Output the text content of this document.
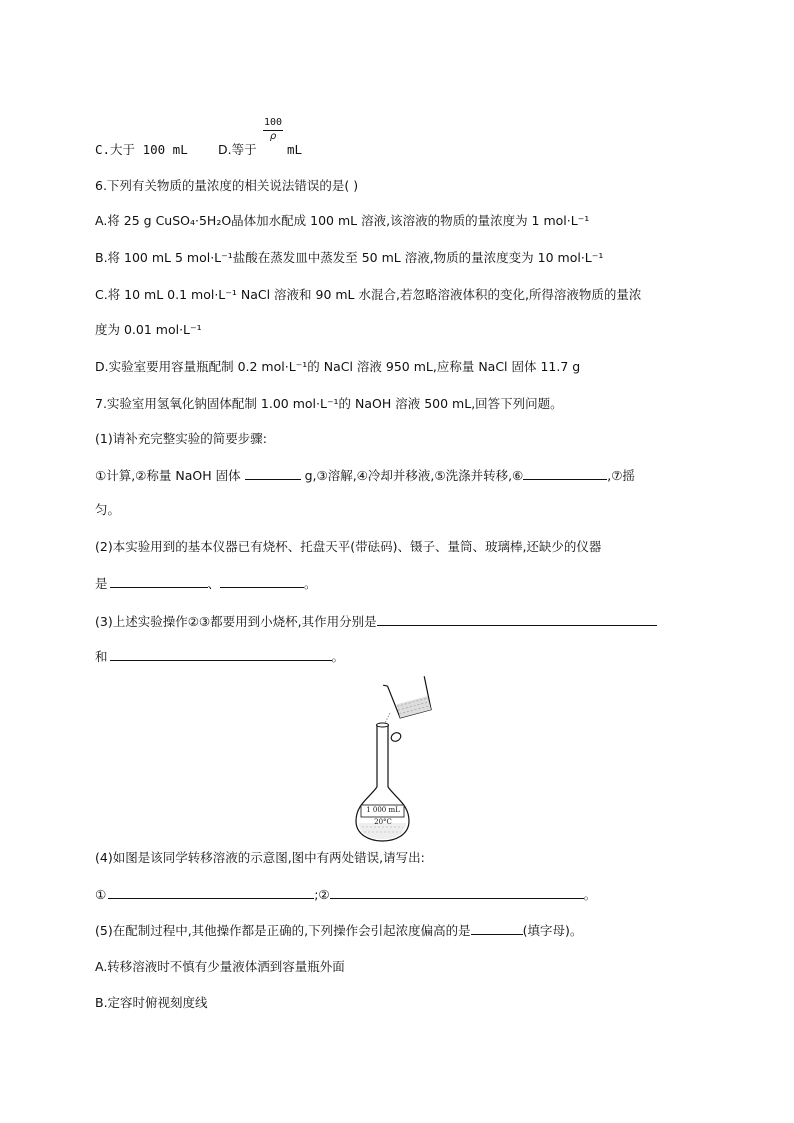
C.大于 100 mL D.等于
100
ρ
mL
6.下列有关物质的量浓度的相关说法错误的是( )
A.将 25 g CuSO₄·5H₂O晶体加水配成 100 mL 溶液,该溶液的物质的量浓度为 1 mol·L⁻¹
B.将 100 mL 5 mol·L⁻¹盐酸在蒸发皿中蒸发至 50 mL 溶液,物质的量浓度变为 10 mol·L⁻¹
C.将 10 mL 0.1 mol·L⁻¹ NaCl 溶液和 90 mL 水混合,若忽略溶液体积的变化,所得溶液物质的量浓
度为 0.01 mol·L⁻¹
D.实验室要用容量瓶配制 0.2 mol·L⁻¹的 NaCl 溶液 950 mL,应称量 NaCl 固体 11.7 g
7.实验室用氢氧化钠固体配制 1.00 mol·L⁻¹的 NaOH 溶液 500 mL,回答下列问题。
(1)请补充完整实验的简要步骤:
①计算,②称量 NaOH 固体	g,③溶解,④冷却并移液,⑤洗涤并转移,⑥	,⑦摇
匀。
(2)本实验用到的基本仪器已有烧杯、托盘天平(带砝码)、镊子、量筒、玻璃棒,还缺少的仪器
是	、	。
(3)上述实验操作②③都要用到小烧杯,其作用分别是
和	。
1 000 mL
20°C
(4)如图是该同学转移溶液的示意图,图中有两处错误,请写出:
①	;②	。
(5)在配制过程中,其他操作都是正确的,下列操作会引起浓度偏高的是	(填字母)。
A.转移溶液时不慎有少量液体洒到容量瓶外面
B.定容时俯视刻度线
